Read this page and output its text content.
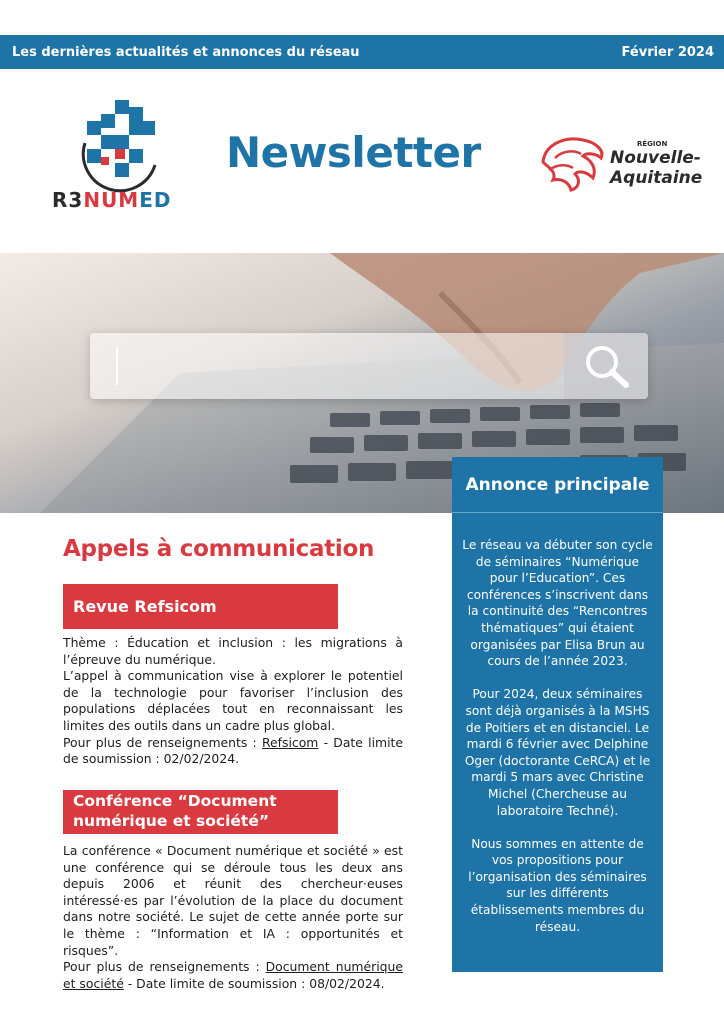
Les dernières actualités et annonces du réseau	Février 2024
R3NUMED
Newsletter	RÉGION
Nouvelle-
Aquitaine
Annonce principale

Le réseau va débuter son cycle de séminaires “Numérique pour l’Education”. Ces conférences s’inscrivent dans la continuité des “Rencontres thématiques” qui étaient organisées par Elisa Brun au cours de l’année 2023.

Pour 2024, deux séminaires sont déjà organisés à la MSHS de Poitiers et en distanciel. Le mardi 6 février avec Delphine Oger (doctorante CeRCA) et le mardi 5 mars avec Christine Michel (Chercheuse au laboratoire Techné).

Nous sommes en attente de vos propositions pour l’organisation des séminaires sur les différents établissements membres du réseau.

Appels à communication
Revue Refsicom
Thème : Éducation et inclusion : les migrations à l’épreuve du numérique.
L’appel à communication vise à explorer le potentiel de la technologie pour favoriser l’inclusion des populations déplacées tout en reconnaissant les limites des outils dans un cadre plus global.
Pour plus de renseignements : Refsicom - Date limite de soumission : 02/02/2024.
Conférence “Document
numérique et société”
La conférence « Document numérique et société » est une conférence qui se déroule tous les deux ans depuis 2006 et réunit des chercheur·euses intéressé·es par l’évolution de la place du document dans notre société. Le sujet de cette année porte sur le thème : “Information et IA : opportunités et risques”.
Pour plus de renseignements : Document numérique et société - Date limite de soumission : 08/02/2024.
